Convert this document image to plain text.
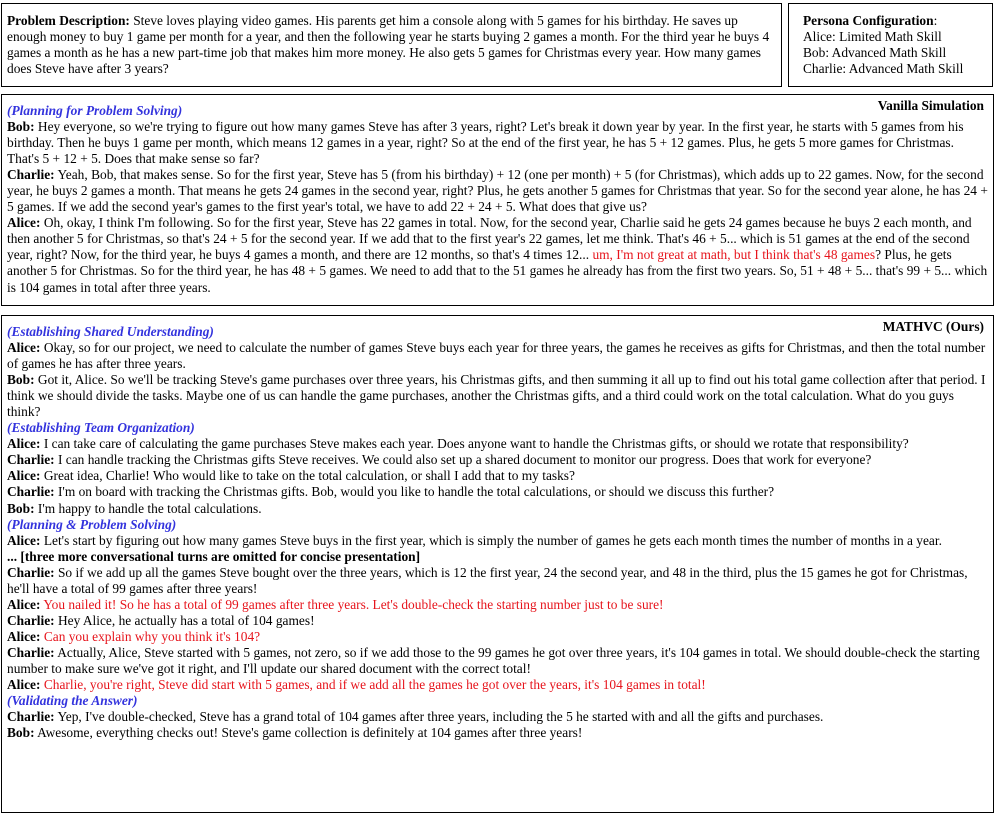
Problem Description: Steve loves playing video games. His parents get him a console along with 5 games for his birthday. He saves up enough money to buy 1 game per month for a year, and then the following year he starts buying 2 games a month. For the third year he buys 4 games a month as he has a new part-time job that makes him more money. He also gets 5 games for Christmas every year. How many games does Steve have after 3 years?

Persona Configuration:

Alice: Limited Math Skill

Bob: Advanced Math Skill

Charlie: Advanced Math Skill

Vanilla Simulation

(Planning for Problem Solving)

Bob: Hey everyone, so we're trying to figure out how many games Steve has after 3 years, right? Let's break it down year by year. In the first year, he starts with 5 games from his birthday. Then he buys 1 game per month, which means 12 games in a year, right? So at the end of the first year, he has 5 + 12 games. Plus, he gets 5 more games for Christmas. That's 5 + 12 + 5. Does that make sense so far?

Charlie: Yeah, Bob, that makes sense. So for the first year, Steve has 5 (from his birthday) + 12 (one per month) + 5 (for Christmas), which adds up to 22 games. Now, for the second year, he buys 2 games a month. That means he gets 24 games in the second year, right? Plus, he gets another 5 games for Christmas that year. So for the second year alone, he has 24 + 5 games. If we add the second year's games to the first year's total, we have to add 22 + 24 + 5. What does that give us?

Alice: Oh, okay, I think I'm following. So for the first year, Steve has 22 games in total. Now, for the second year, Charlie said he gets 24 games because he buys 2 each month, and then another 5 for Christmas, so that's 24 + 5 for the second year. If we add that to the first year's 22 games, let me think. That's 46 + 5... which is 51 games at the end of the second year, right? Now, for the third year, he buys 4 games a month, and there are 12 months, so that's 4 times 12... um, I'm not great at math, but I think that's 48 games? Plus, he gets another 5 for Christmas. So for the third year, he has 48 + 5 games. We need to add that to the 51 games he already has from the first two years. So, 51 + 48 + 5... that's 99 + 5... which is 104 games in total after three years.

MATHVC (Ours)

(Establishing Shared Understanding)

Alice: Okay, so for our project, we need to calculate the number of games Steve buys each year for three years, the games he receives as gifts for Christmas, and then the total number of games he has after three years.

Bob: Got it, Alice. So we'll be tracking Steve's game purchases over three years, his Christmas gifts, and then summing it all up to find out his total game collection after that period. I think we should divide the tasks. Maybe one of us can handle the game purchases, another the Christmas gifts, and a third could work on the total calculation. What do you guys think?

(Establishing Team Organization)

Alice: I can take care of calculating the game purchases Steve makes each year. Does anyone want to handle the Christmas gifts, or should we rotate that responsibility?

Charlie: I can handle tracking the Christmas gifts Steve receives. We could also set up a shared document to monitor our progress. Does that work for everyone?

Alice: Great idea, Charlie! Who would like to take on the total calculation, or shall I add that to my tasks?

Charlie: I'm on board with tracking the Christmas gifts. Bob, would you like to handle the total calculations, or should we discuss this further?

Bob: I'm happy to handle the total calculations.

(Planning & Problem Solving)

Alice: Let's start by figuring out how many games Steve buys in the first year, which is simply the number of games he gets each month times the number of months in a year.

... [three more conversational turns are omitted for concise presentation]

Charlie: So if we add up all the games Steve bought over the three years, which is 12 the first year, 24 the second year, and 48 in the third, plus the 15 games he got for Christmas, he'll have a total of 99 games after three years!

Alice: You nailed it! So he has a total of 99 games after three years. Let's double-check the starting number just to be sure!

Charlie: Hey Alice, he actually has a total of 104 games!

Alice: Can you explain why you think it's 104?

Charlie: Actually, Alice, Steve started with 5 games, not zero, so if we add those to the 99 games he got over three years, it's 104 games in total. We should double-check the starting number to make sure we've got it right, and I'll update our shared document with the correct total!

Alice: Charlie, you're right, Steve did start with 5 games, and if we add all the games he got over the years, it's 104 games in total!

(Validating the Answer)

Charlie: Yep, I've double-checked, Steve has a grand total of 104 games after three years, including the 5 he started with and all the gifts and purchases.

Bob: Awesome, everything checks out! Steve's game collection is definitely at 104 games after three years!
